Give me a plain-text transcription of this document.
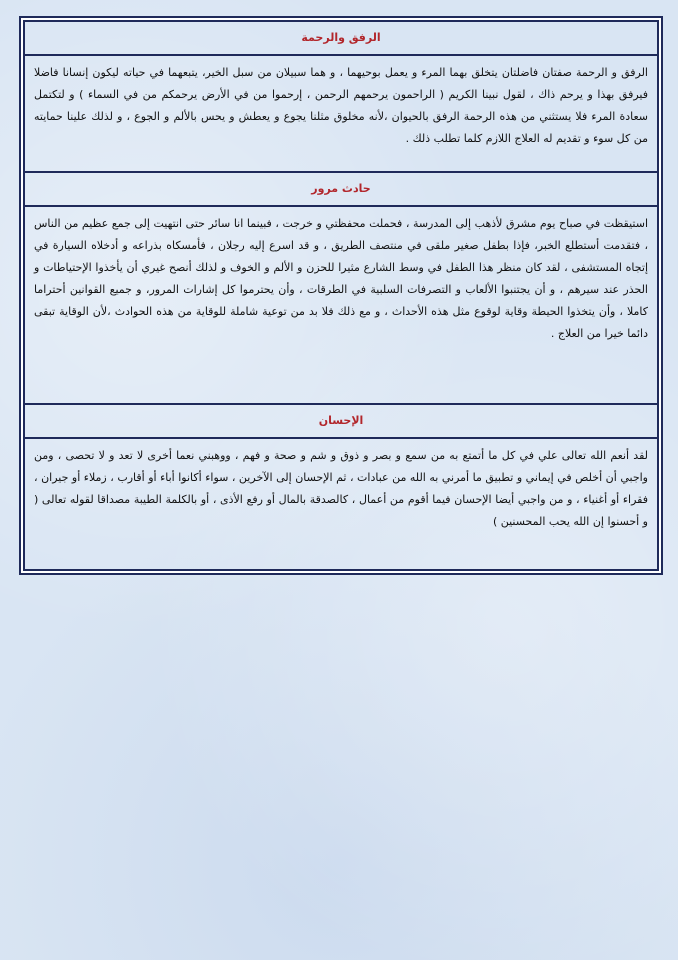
الرفق والرحمة
الرفق و الرحمة صفتان فاضلتان يتخلق بهما المرء و يعمل بوحيهما ، و هما سبيلان من سبل الخير، يتبعهما في حياته ليكون إنسانا فاضلا فيرفق بهذا و يرحم ذاك ، لقول نبينا الكريم ( الراحمون يرحمهم الرحمن ، إرحموا من في الأرض يرحمكم من في السماء ) و لتكتمل سعادة المرء فلا يستثني من هذه الرحمة الرفق بالحيوان ،لأنه مخلوق مثلنا يجوع و يعطش و يحس بالألم و الجوع ، و لذلك علينا حمايته من كل سوء و تقديم له العلاج اللازم كلما تطلب ذلك .
حادث مرور
استيقظت في صباح يوم مشرق لأذهب إلى المدرسة ، فحملت محفظتي و خرجت ، فبينما انا سائر حتى انتهيت إلى جمع عظيم من الناس ، فتقدمت أستطلع الخبر، فإذا بطفل صغير ملقى في منتصف الطريق ، و قد اسرع إليه رجلان ، فأمسكاه بذراعه و أدخلاه السيارة في إتجاه المستشفى ، لقد كان منظر هذا الطفل في وسط الشارع مثيرا للحزن و الألم و الخوف و لذلك أنصح غيري أن يأخذوا الإحتياطات و الحذر عند سيرهم ، و أن يجتنبوا الألعاب و التصرفات السلبية في الطرقات ، وأن يحترموا كل إشارات المرور، و جميع القوانين أحتراما كاملا ، وأن يتخذوا الحيطة وقاية لوقوع مثل هذه الأحداث ، و مع ذلك فلا بد من توعية شاملة للوقاية من هذه الحوادث ،لأن الوقاية تبقى دائما خيرا من العلاج .
الإحسان
لقد أنعم الله تعالى علي في كل ما أتمتع به من سمع و بصر و ذوق و شم و صحة و فهم ، ووهبني نعما أخرى لا تعد و لا تحصى ، ومن واجبي أن أخلص في إيماني و تطبيق ما أمرني به الله من عبادات ، ثم الإحسان إلى الآخرين ، سواء أكانوا أباء أو أقارب ، زملاء أو جيران ، فقراء أو أغنياء ، و من واجبي أيضا الإحسان فيما أقوم من أعمال ، كالصدقة بالمال أو رفع الأذى ، أو بالكلمة الطيبة مصداقا لقوله تعالى ( و أحسنوا إن الله يحب المحسنين )
